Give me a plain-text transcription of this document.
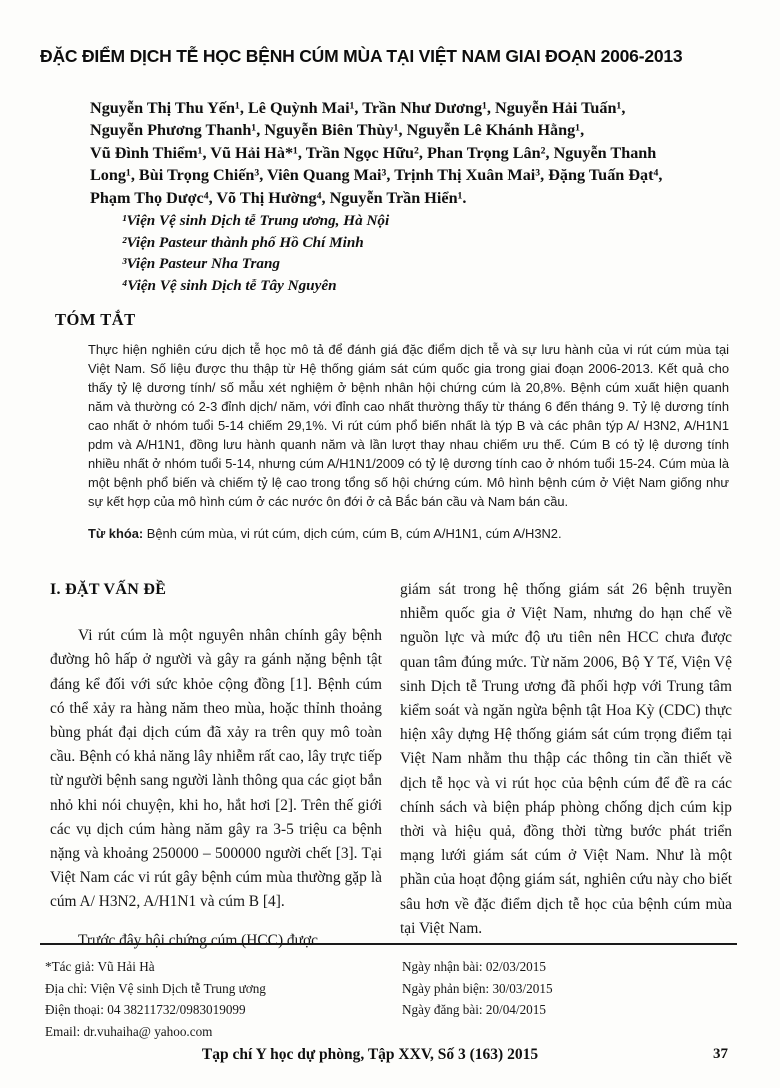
ĐẶC ĐIỂM DỊCH TỄ HỌC BỆNH CÚM MÙA TẠI VIỆT NAM GIAI ĐOẠN 2006-2013
Nguyễn Thị Thu Yến¹, Lê Quỳnh Mai¹, Trần Như Dương¹, Nguyễn Hải Tuấn¹,
Nguyễn Phương Thanh¹, Nguyễn Biên Thùy¹, Nguyễn Lê Khánh Hằng¹,
Vũ Đình Thiểm¹, Vũ Hải Hà*¹, Trần Ngọc Hữu², Phan Trọng Lân², Nguyễn Thanh
Long¹, Bùi Trọng Chiến³, Viên Quang Mai³, Trịnh Thị Xuân Mai³, Đặng Tuấn Đạt⁴,
Phạm Thọ Dược⁴, Võ Thị Hường⁴, Nguyễn Trần Hiển¹.
¹Viện Vệ sinh Dịch tễ Trung ương, Hà Nội
²Viện Pasteur thành phố Hồ Chí Minh
³Viện Pasteur Nha Trang
⁴Viện Vệ sinh Dịch tễ Tây Nguyên
TÓM TẮT
Thực hiện nghiên cứu dịch tễ học mô tả để đánh giá đặc điểm dịch tễ và sự lưu hành của vi rút cúm mùa tại Việt Nam. Số liệu được thu thập từ Hệ thống giám sát cúm quốc gia trong giai đoạn 2006-2013. Kết quả cho thấy tỷ lệ dương tính/ số mẫu xét nghiệm ở bệnh nhân hội chứng cúm là 20,8%. Bệnh cúm xuất hiện quanh năm và thường có 2-3 đỉnh dịch/ năm, với đỉnh cao nhất thường thấy từ tháng 6 đến tháng 9. Tỷ lệ dương tính cao nhất ở nhóm tuổi 5-14 chiếm 29,1%. Vi rút cúm phổ biến nhất là týp B và các phân týp A/ H3N2, A/H1N1 pdm và A/H1N1, đồng lưu hành quanh năm và lần lượt thay nhau chiếm ưu thế. Cúm B có tỷ lệ dương tính nhiều nhất ở nhóm tuổi 5-14, nhưng cúm A/H1N1/2009 có tỷ lệ dương tính cao ở nhóm tuổi 15-24. Cúm mùa là một bệnh phổ biến và chiếm tỷ lệ cao trong tổng số hội chứng cúm. Mô hình bệnh cúm ở Việt Nam giống như sự kết hợp của mô hình cúm ở các nước ôn đới ở cả Bắc bán cầu và Nam bán cầu.
Từ khóa: Bệnh cúm mùa, vi rút cúm, dịch cúm, cúm B, cúm A/H1N1, cúm A/H3N2.
I. ĐẶT VẤN ĐỀ

Vi rút cúm là một nguyên nhân chính gây bệnh đường hô hấp ở người và gây ra gánh nặng bệnh tật đáng kể đối với sức khỏe cộng đồng [1]. Bệnh cúm có thể xảy ra hàng năm theo mùa, hoặc thỉnh thoảng bùng phát đại dịch cúm đã xảy ra trên quy mô toàn cầu. Bệnh có khả năng lây nhiễm rất cao, lây trực tiếp từ người bệnh sang người lành thông qua các giọt bắn nhỏ khi nói chuyện, khi ho, hắt hơi [2]. Trên thế giới các vụ dịch cúm hàng năm gây ra 3-5 triệu ca bệnh nặng và khoảng 250000 – 500000 người chết [3]. Tại Việt Nam các vi rút gây bệnh cúm mùa thường gặp là cúm A/ H3N2, A/H1N1 và cúm B [4].

Trước đây hội chứng cúm (HCC) được

giám sát trong hệ thống giám sát 26 bệnh truyền nhiễm quốc gia ở Việt Nam, nhưng do hạn chế về nguồn lực và mức độ ưu tiên nên HCC chưa được quan tâm đúng mức. Từ năm 2006, Bộ Y Tế, Viện Vệ sinh Dịch tễ Trung ương đã phối hợp với Trung tâm kiểm soát và ngăn ngừa bệnh tật Hoa Kỳ (CDC) thực hiện xây dựng Hệ thống giám sát cúm trọng điểm tại Việt Nam nhằm thu thập các thông tin cần thiết về dịch tễ học và vi rút học của bệnh cúm để đề ra các chính sách và biện pháp phòng chống dịch cúm kịp thời và hiệu quả, đồng thời từng bước phát triển mạng lưới giám sát cúm ở Việt Nam. Như là một phần của hoạt động giám sát, nghiên cứu này cho biết sâu hơn về đặc điểm dịch tễ học của bệnh cúm mùa tại Việt Nam.

*Tác giả: Vũ Hải Hà
Địa chỉ: Viện Vệ sinh Dịch tễ Trung ương
Điện thoại: 04 38211732/0983019099
Email: dr.vuhaiha@ yahoo.com
Ngày nhận bài: 02/03/2015
Ngày phản biện: 30/03/2015
Ngày đăng bài: 20/04/2015
Tạp chí Y học dự phòng, Tập XXV, Số 3 (163) 2015	37
